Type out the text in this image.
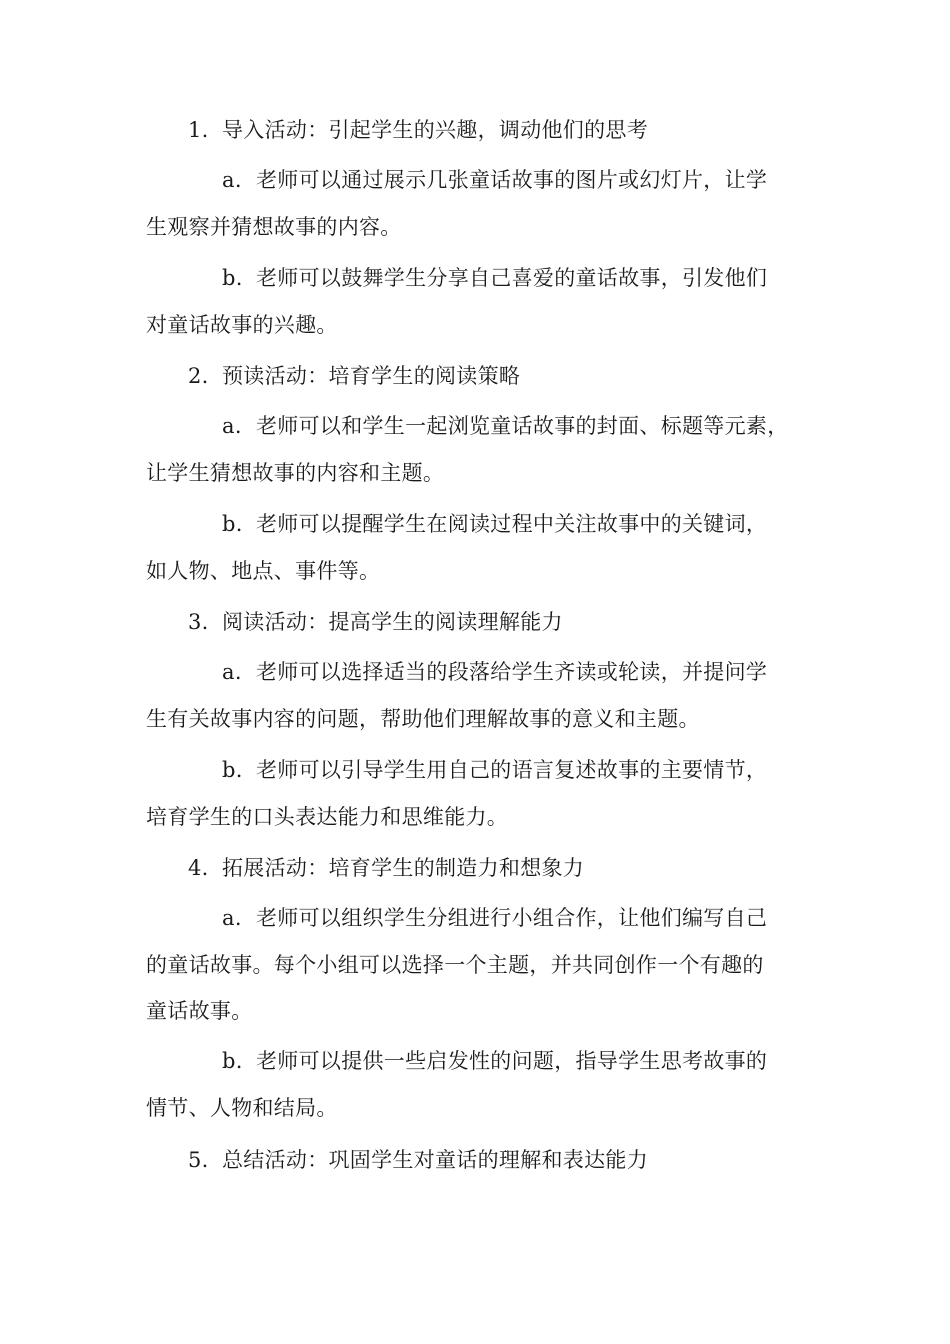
1. 导入活动：引起学生的兴趣，调动他们的思考
a. 老师可以通过展示几张童话故事的图片或幻灯片，让学
生观察并猜想故事的内容。
b. 老师可以鼓舞学生分享自己喜爱的童话故事，引发他们
对童话故事的兴趣。
2. 预读活动：培育学生的阅读策略
a. 老师可以和学生一起浏览童话故事的封面、标题等元素，
让学生猜想故事的内容和主题。
b. 老师可以提醒学生在阅读过程中关注故事中的关键词，
如人物、地点、事件等。
3. 阅读活动：提高学生的阅读理解能力
a. 老师可以选择适当的段落给学生齐读或轮读，并提问学
生有关故事内容的问题，帮助他们理解故事的意义和主题。
b. 老师可以引导学生用自己的语言复述故事的主要情节，
培育学生的口头表达能力和思维能力。
4. 拓展活动：培育学生的制造力和想象力
a. 老师可以组织学生分组进行小组合作，让他们编写自己
的童话故事。每个小组可以选择一个主题，并共同创作一个有趣的
童话故事。
b. 老师可以提供一些启发性的问题，指导学生思考故事的
情节、人物和结局。
5. 总结活动：巩固学生对童话的理解和表达能力
